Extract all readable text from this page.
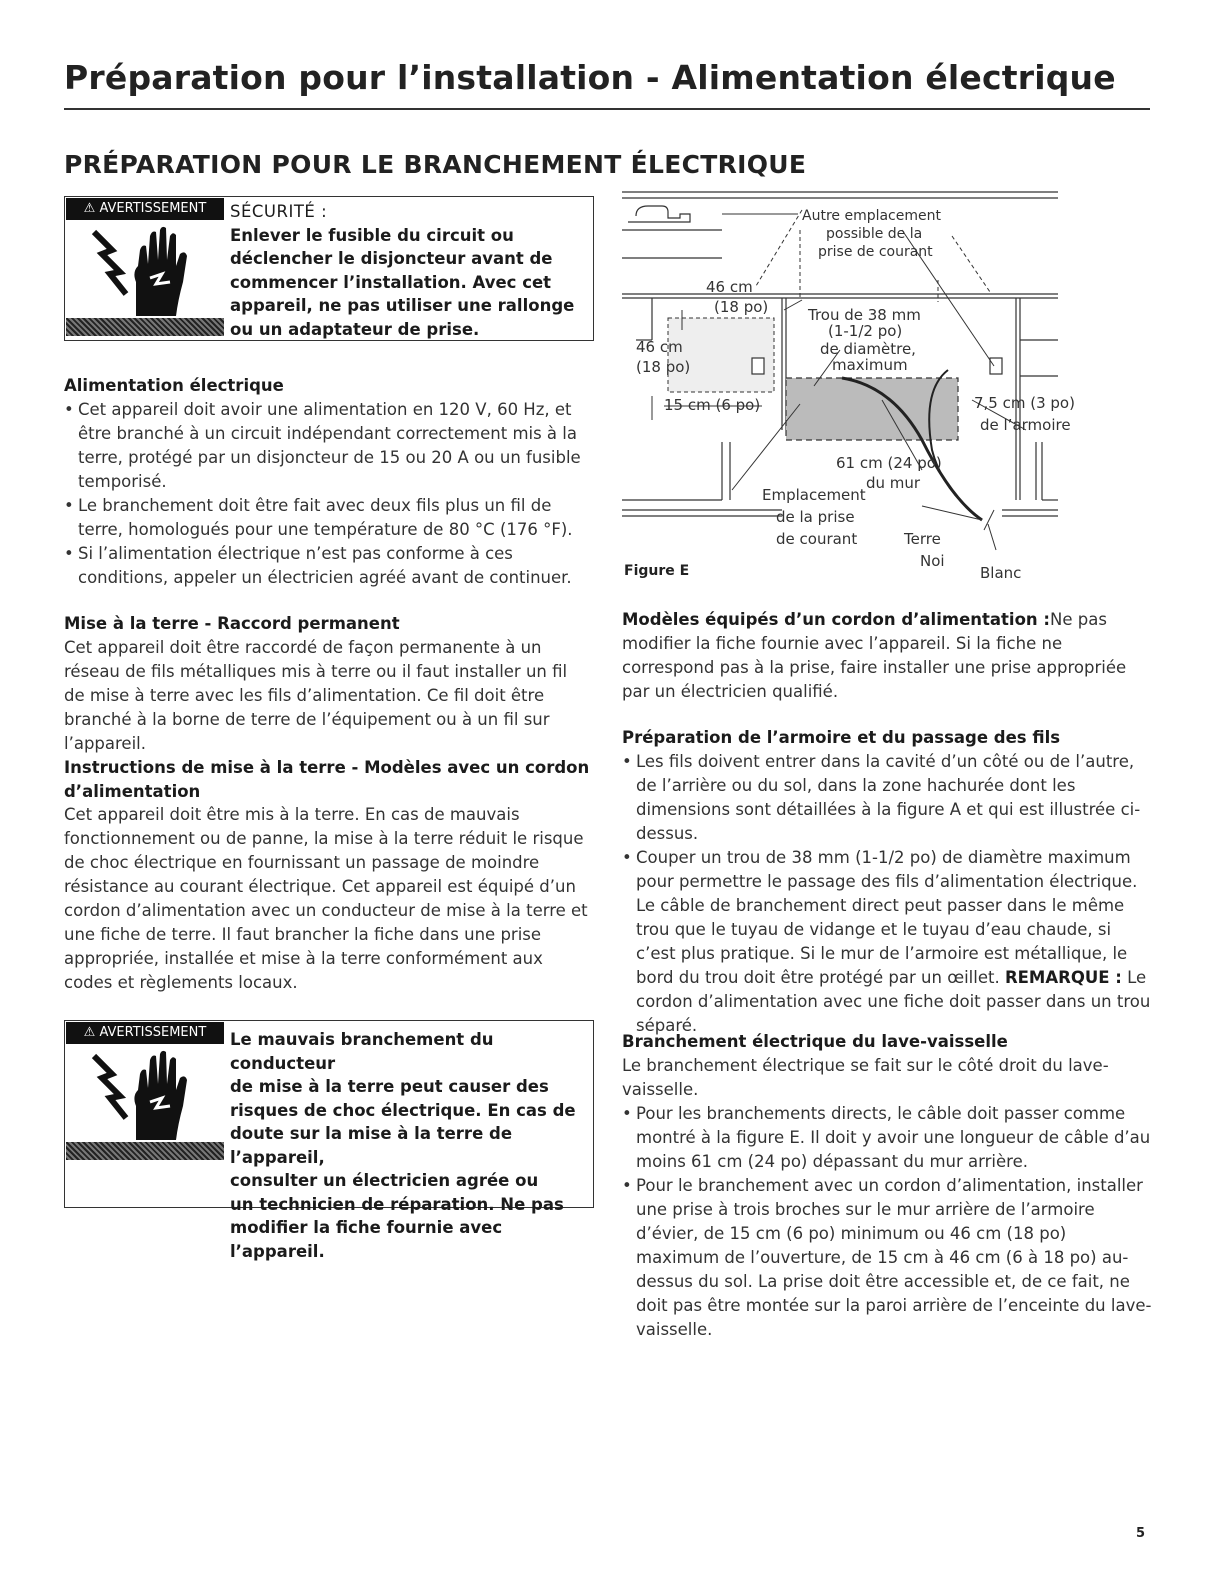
Préparation pour l’installation - Alimentation électrique
PRÉPARATION POUR LE BRANCHEMENT ÉLECTRIQUE
⚠ AVERTISSEMENT	SÉCURITÉ :
Enlever le fusible du circuit ou
déclencher le disjoncteur avant de
commencer l’installation. Avec cet
appareil, ne pas utiliser une rallonge
ou un adaptateur de prise.
Alimentation électrique
• Cet appareil doit avoir une alimentation en 120 V, 60 Hz, et être branché à un circuit indépendant correctement mis à la terre, protégé par un disjoncteur de 15 ou 20 A ou un fusible temporisé.
• Le branchement doit être fait avec deux fils plus un fil de terre, homologués pour une température de 80 °C (176 °F).
• Si l’alimentation électrique n’est pas conforme à ces conditions, appeler un électricien agréé avant de continuer.
Mise à la terre - Raccord permanent

Cet appareil doit être raccordé de façon permanente à un réseau de fils métalliques mis à terre ou il faut installer un fil de mise à terre avec les fils d’alimentation. Ce fil doit être branché à la borne de terre de l’équipement ou à un fil sur l’appareil.

Instructions de mise à la terre - Modèles avec un cordon d’alimentation

Cet appareil doit être mis à la terre. En cas de mauvais fonctionnement ou de panne, la mise à la terre réduit le risque de choc électrique en fournissant un passage de moindre résistance au courant électrique. Cet appareil est équipé d’un cordon d’alimentation avec un conducteur de mise à la terre et une fiche de terre. Il faut brancher la fiche dans une prise appropriée, installée et mise à la terre conformément aux codes et règlements locaux.

⚠ AVERTISSEMENT	Le mauvais branchement du conducteur
de mise à la terre peut causer des
risques de choc électrique. En cas de
doute sur la mise à la terre de l’appareil,
consulter un électricien agrée ou
un technicien de réparation. Ne pas
modifier la fiche fournie avec l’appareil.
Autre emplacement
possible de la
prise de courant
46 cm
(18 po)
46 cm
(18 po)
15 cm (6 po)
Trou de 38 mm
(1-1/2 po)
de diamètre,
maximum
7,5 cm (3 po)
de l’armoire
61 cm (24 po)
du mur
Emplacement
de la prise
de courant	Terre
Noi
Blanc
Figure E

Modèles équipés d’un cordon d’alimentation :Ne pas modifier la fiche fournie avec l’appareil. Si la fiche ne correspond pas à la prise, faire installer une prise appropriée par un électricien qualifié.

Préparation de l’armoire et du passage des fils
• Les fils doivent entrer dans la cavité d’un côté ou de l’autre, de l’arrière ou du sol, dans la zone hachurée dont les dimensions sont détaillées à la figure A et qui est illustrée ci-dessus.
• Couper un trou de 38 mm (1-1/2 po) de diamètre maximum pour permettre le passage des fils d’alimentation électrique. Le câble de branchement direct peut passer dans le même trou que le tuyau de vidange et le tuyau d’eau chaude, si c’est plus pratique. Si le mur de l’armoire est métallique, le bord du trou doit être protégé par un œillet. REMARQUE : Le cordon d’alimentation avec une fiche doit passer dans un trou séparé.
Branchement électrique du lave-vaisselle

Le branchement électrique se fait sur le côté droit du lave-vaisselle.

• Pour les branchements directs, le câble doit passer comme montré à la figure E. Il doit y avoir une longueur de câble d’au moins 61 cm (24 po) dépassant du mur arrière.
• Pour le branchement avec un cordon d’alimentation, installer une prise à trois broches sur le mur arrière de l’armoire d’évier, de 15 cm (6 po) minimum ou 46 cm (18 po) maximum de l’ouverture, de 15 cm à 46 cm (6 à 18 po) au-dessus du sol. La prise doit être accessible et, de ce fait, ne doit pas être montée sur la paroi arrière de l’enceinte du lave-vaisselle.
5
